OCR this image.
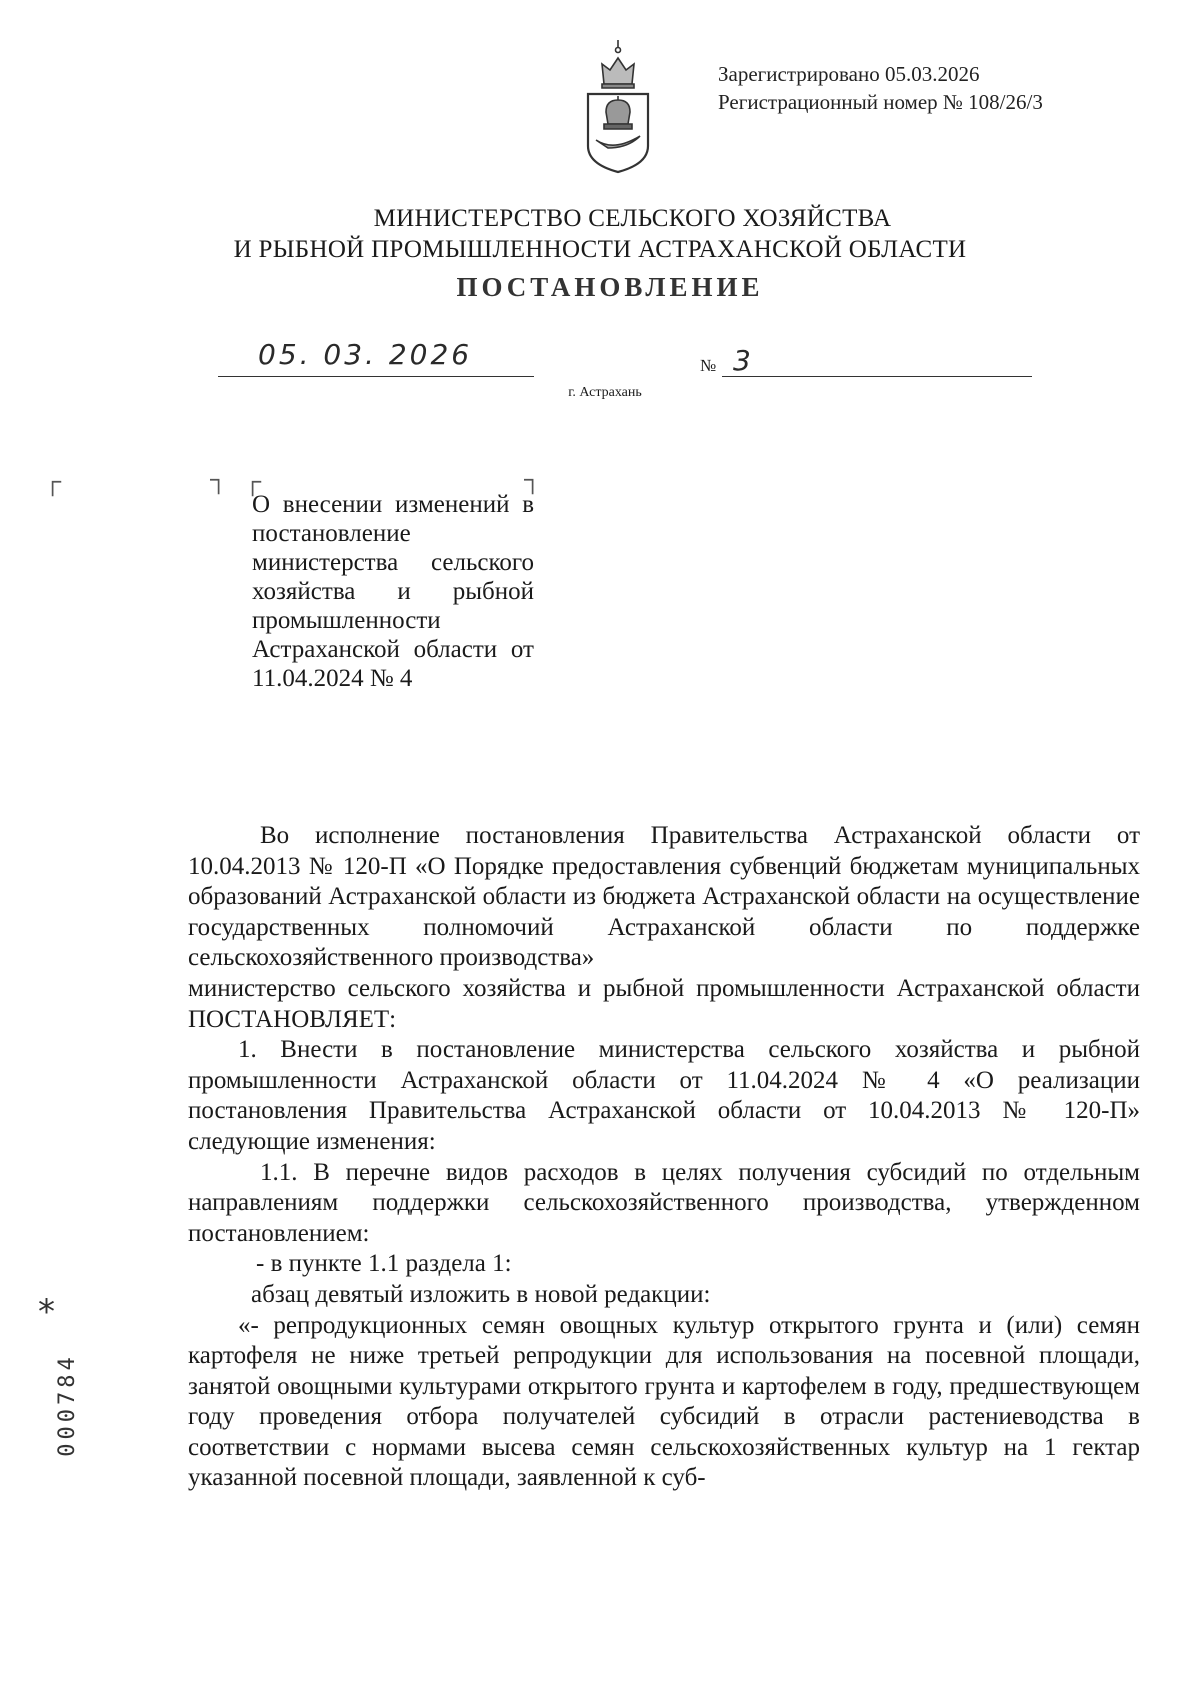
Зарегистрировано 05.03.2026
Регистрационный номер № 108/26/3
МИНИСТЕРСТВО СЕЛЬСКОГО ХОЗЯЙСТВА
И РЫБНОЙ ПРОМЫШЛЕННОСТИ АСТРАХАНСКОЙ ОБЛАСТИ
ПОСТАНОВЛЕНИЕ
05. 03. 2026	№ 3
г. Астрахань
┌	┐ ┌	┐
О внесении изменений в постановление министерства сельского хозяйства и рыбной промышленности Астраханской области от 11.04.2024 № 4

Во исполнение постановления Правительства Астраханской области от 10.04.2013 № 120-П «О Порядке предоставления субвенций бюджетам муниципальных образований Астраханской области из бюджета Астраханской области на осуществление государственных полномочий Астраханской области по поддержке сельскохозяйственного производства»

министерство сельского хозяйства и рыбной промышленности Астраханской области ПОСТАНОВЛЯЕТ:

1. Внести в постановление министерства сельского хозяйства и рыбной промышленности Астраханской области от 11.04.2024 № 4 «О реализации постановления Правительства Астраханской области от 10.04.2013 № 120-П» следующие изменения:

1.1. В перечне видов расходов в целях получения субсидий по отдельным направлениям поддержки сельскохозяйственного производства, утвержденном постановлением:

- в пункте 1.1 раздела 1:

абзац девятый изложить в новой редакции:

«- репродукционных семян овощных культур открытого грунта и (или) семян картофеля не ниже третьей репродукции для использования на посевной площади, занятой овощными культурами открытого грунта и картофелем в году, предшествующем году проведения отбора получателей субсидий в отрасли растениеводства в соответствии с нормами высева семян сельскохозяйственных культур на 1 гектар указанной посевной площади, заявленной к суб-

*
000784
